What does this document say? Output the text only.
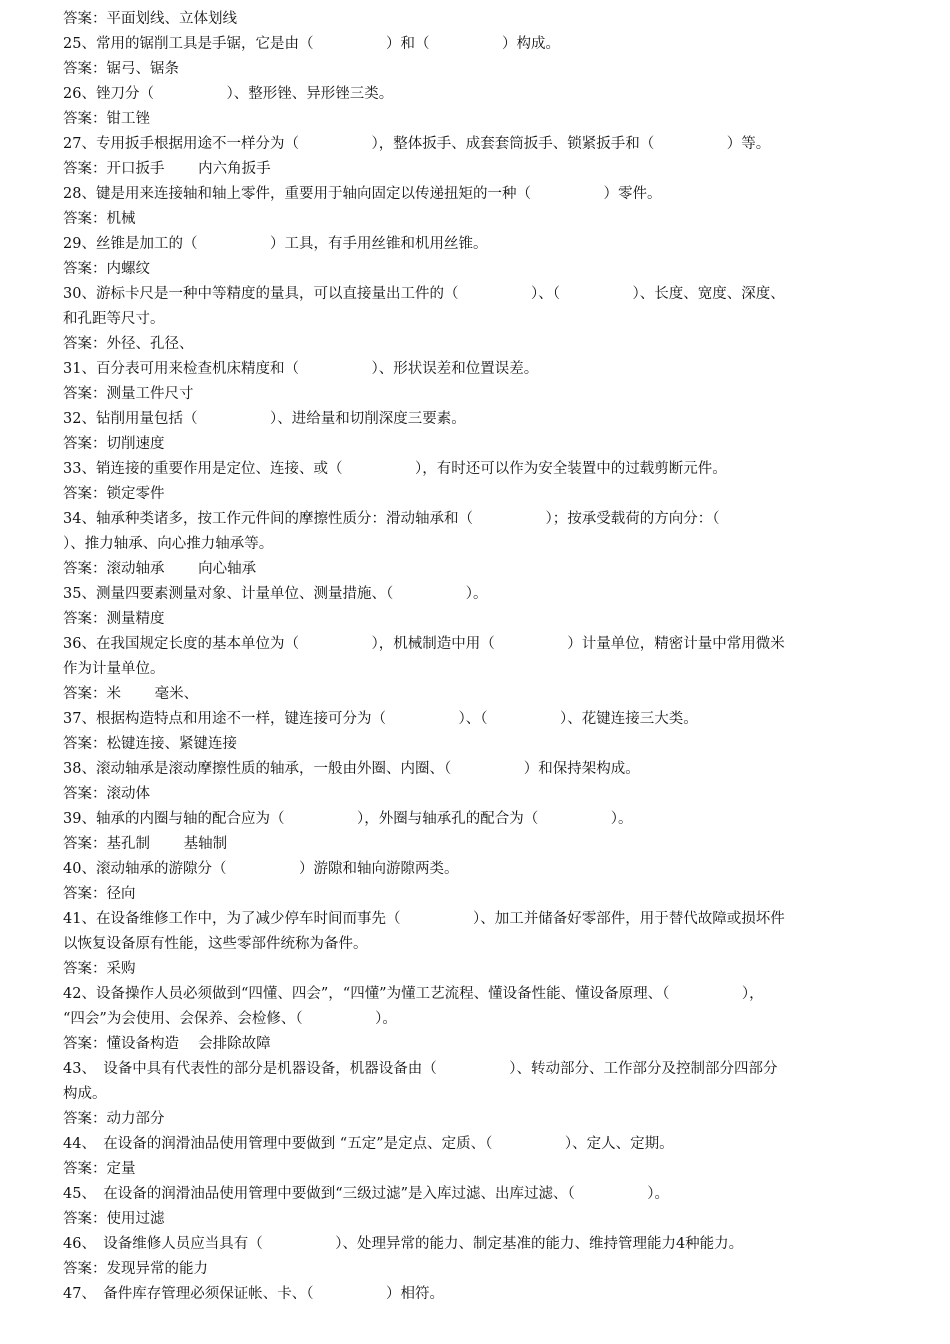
答案：平面划线、立体划线
25、常用的锯削工具是手锯，它是由（　　　　　）和（　　　　　）构成。
答案：锯弓、锯条
26、锉刀分（　　　　　）、整形锉、异形锉三类。
答案：钳工锉
27、专用扳手根据用途不一样分为（　　　　　），整体扳手、成套套筒扳手、锁紧扳手和（　　　　　）等。
答案：开口扳手　　 内六角扳手
28、键是用来连接轴和轴上零件，重要用于轴向固定以传递扭矩的一种（　　　　　）零件。
答案：机械
29、丝锥是加工的（　　　　　）工具，有手用丝锥和机用丝锥。
答案：内螺纹
30、游标卡尺是一种中等精度的量具，可以直接量出工件的（　　　　　）、（　　　　　）、长度、宽度、深度、
和孔距等尺寸。
答案：外径、孔径、
31、百分表可用来检查机床精度和（　　　　　）、形状误差和位置误差。
答案：测量工件尺寸
32、钻削用量包括（　　　　　）、进给量和切削深度三要素。
答案：切削速度
33、销连接的重要作用是定位、连接、或（　　　　　），有时还可以作为安全装置中的过载剪断元件。
答案：锁定零件
34、轴承种类诸多，按工作元件间的摩擦性质分：滑动轴承和（　　　　　）；按承受载荷的方向分：（
）、推力轴承、向心推力轴承等。
答案：滚动轴承　　 向心轴承
35、测量四要素测量对象、计量单位、测量措施、（　　　　　）。
答案：测量精度
36、在我国规定长度的基本单位为（　　　　　），机械制造中用（　　　　　）计量单位，精密计量中常用微米
作为计量单位。
答案：米　　 毫米、
37、根据构造特点和用途不一样，键连接可分为（　　　　　）、（　　　　　）、花键连接三大类。
答案：松键连接、紧键连接
38、滚动轴承是滚动摩擦性质的轴承，一般由外圈、内圈、（　　　　　）和保持架构成。
答案：滚动体
39、轴承的内圈与轴的配合应为（　　　　　），外圈与轴承孔的配合为（　　　　　）。
答案：基孔制　　 基轴制
40、滚动轴承的游隙分（　　　　　）游隙和轴向游隙两类。
答案：径向
41、在设备维修工作中，为了减少停车时间而事先（　　　　　）、加工并储备好零部件，用于替代故障或损坏件
以恢复设备原有性能，这些零部件统称为备件。
答案：采购
42、设备操作人员必须做到“四懂、四会”，“四懂”为懂工艺流程、懂设备性能、懂设备原理、（　　　　　），
“四会”为会使用、会保养、会检修、（　　　　　）。
答案：懂设备构造　 会排除故障
43、　设备中具有代表性的部分是机器设备，机器设备由（　　　　　）、转动部分、工作部分及控制部分四部分
构成。
答案：动力部分
44、　在设备的润滑油品使用管理中要做到 “五定”是定点、定质、（　　　　　）、定人、定期。
答案：定量
45、　在设备的润滑油品使用管理中要做到“三级过滤”是入库过滤、出库过滤、（　　　　　）。
答案：使用过滤
46、　设备维修人员应当具有（　　　　　）、处理异常的能力、制定基准的能力、维持管理能力4种能力。
答案：发现异常的能力
47、　备件库存管理必须保证帐、卡、（　　　　　）相符。
